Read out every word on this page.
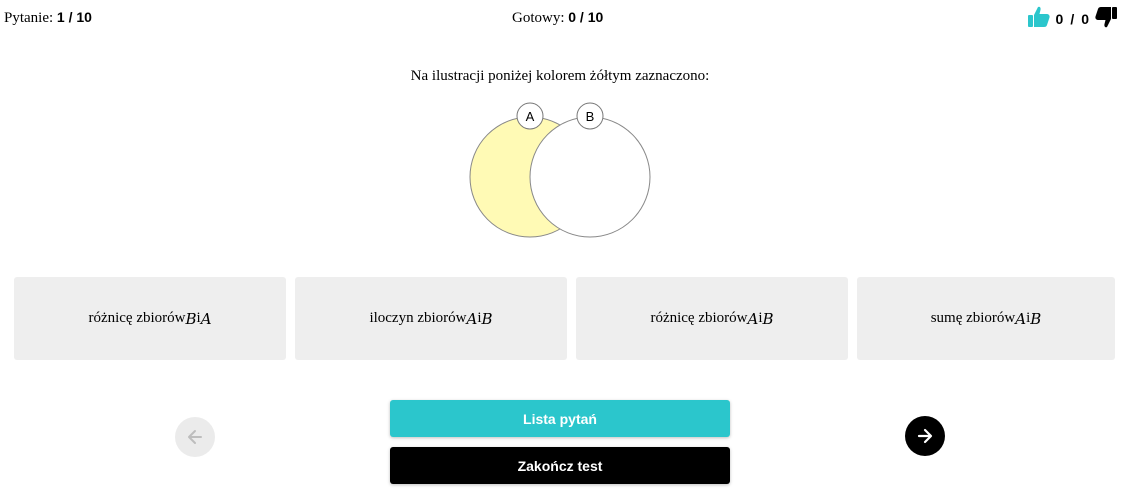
Pytanie: 1 / 10	Gotowy: 0 / 10	0 / 0
Na ilustracji poniżej kolorem żółtym zaznaczono:
A	B
różnicę zbiorów B i A	iloczyn zbiorów A i B	różnicę zbiorów A i B	sumę zbiorów A i B
Lista pytań
Zakończ test
